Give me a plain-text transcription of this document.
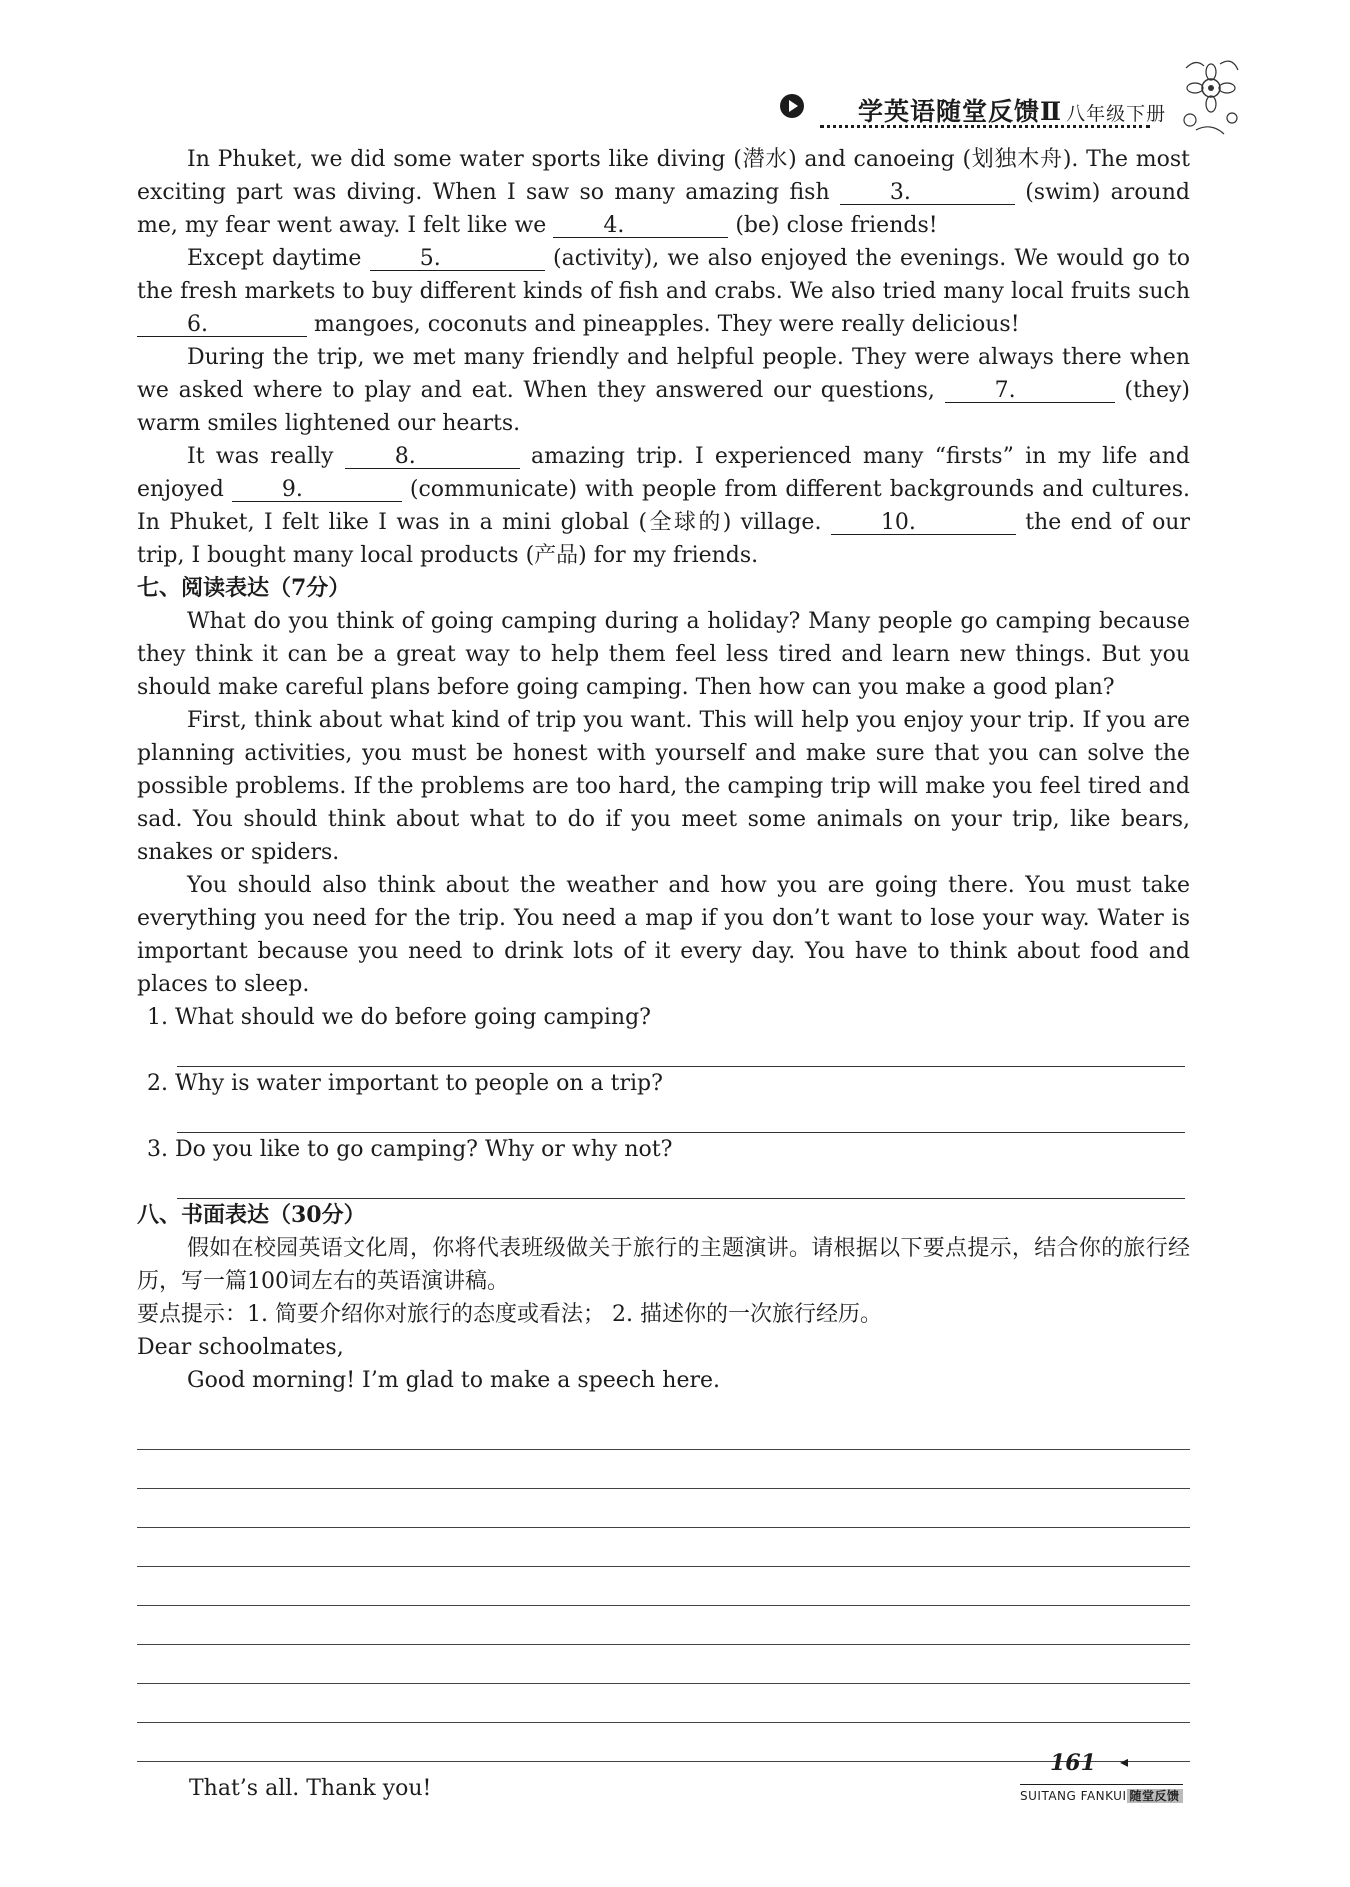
学英语随堂反馈Ⅱ 八年级下册
In Phuket, we did some water sports like diving (潜水) and canoeing (划独木舟). The most exciting part was diving. When I saw so many amazing fish 3.	(swim) around me, my fear went away. I felt like we 4.	(be) close friends!
Except daytime 5.	(activity), we also enjoyed the evenings. We would go to the fresh markets to buy different kinds of fish and crabs. We also tried many local fruits such 6.	mangoes, coconuts and pineapples. They were really delicious!
During the trip, we met many friendly and helpful people. They were always there when we asked where to play and eat. When they answered our questions, 7.	(they) warm smiles lightened our hearts.
It was really 8.	amazing trip. I experienced many “firsts” in my life and enjoyed 9.	(communicate) with people from different backgrounds and cultures. In Phuket, I felt like I was in a mini global (全球的) village. 10.	the end of our trip, I bought many local products (产品) for my friends.
七、阅读表达（7分）
What do you think of going camping during a holiday? Many people go camping because they think it can be a great way to help them feel less tired and learn new things. But you should make careful plans before going camping. Then how can you make a good plan?
First, think about what kind of trip you want. This will help you enjoy your trip. If you are planning activities, you must be honest with yourself and make sure that you can solve the possible problems. If the problems are too hard, the camping trip will make you feel tired and sad. You should think about what to do if you meet some animals on your trip, like bears, snakes or spiders.
You should also think about the weather and how you are going there. You must take everything you need for the trip. You need a map if you don’t want to lose your way. Water is important because you need to drink lots of it every day. You have to think about food and places to sleep.
1. What should we do before going camping?
2. Why is water important to people on a trip?
3. Do you like to go camping? Why or why not?
八、书面表达（30分）
假如在校园英语文化周，你将代表班级做关于旅行的主题演讲。请根据以下要点提示，结合你的旅行经历，写一篇100词左右的英语演讲稿。
要点提示：1. 简要介绍你对旅行的态度或看法； 2. 描述你的一次旅行经历。
Dear schoolmates,
Good morning! I’m glad to make a speech here.
That’s all. Thank you!
161 ◂
SUITANG FANKUI 随堂反馈
